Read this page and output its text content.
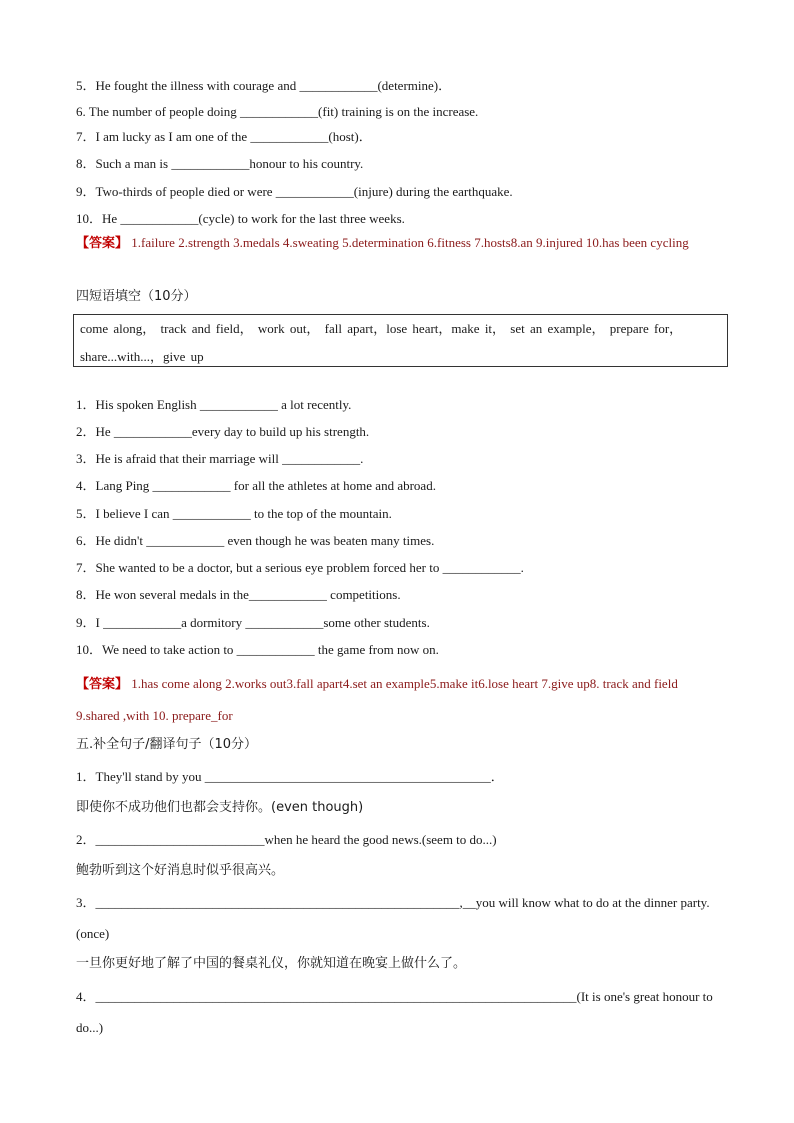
5．He fought the illness with courage and ____________(determine)．
6. The number of people doing ____________(fit) training is on the increase.
7．I am lucky as I am one of the ____________(host)．
8．Such a man is ____________honour to his country.
9．Two-thirds of people died or were ____________(injure) during the earthquake.
10．He ____________(cycle) to work for the last three weeks.
【答案】 1.failure 2.strength 3.medals 4.sweating 5.determination 6.fitness 7.hosts8.an 9.injured 10.has been cycling
四短语填空（10分）
come along， track and field， work out， fall apart，lose heart，make it， set an example， prepare for， share...with...，give up
1．His spoken English ____________ a lot recently.
2．He ____________every day to build up his strength.
3．He is afraid that their marriage will ____________.
4．Lang Ping ____________ for all the athletes at home and abroad.
5．I believe I can ____________ to the top of the mountain.
6．He didn't ____________ even though he was beaten many times.
7．She wanted to be a doctor, but a serious eye problem forced her to ____________.
8．He won several medals in the____________ competitions.
9．I ____________a dormitory ____________some other students.
10．We need to take action to ____________ the game from now on.
【答案】 1.has come along 2.works out3.fall apart4.set an example5.make it6.lose heart 7.give up8. track and field 9.shared ,with 10. prepare_for
五.补全句子/翻译句子（10分）
1．They'll stand by you ____________________________________________．
即使你不成功他们也都会支持你。(even though)
2．__________________________when he heard the good news.(seem to do...)
鲍勃听到这个好消息时似乎很高兴。
3．________________________________________________________,__you will know what to do at the dinner party.(once)
一旦你更好地了解了中国的餐桌礼仪，你就知道在晚宴上做什么了。
4．__________________________________________________________________________(It is one's great honour to do...)
